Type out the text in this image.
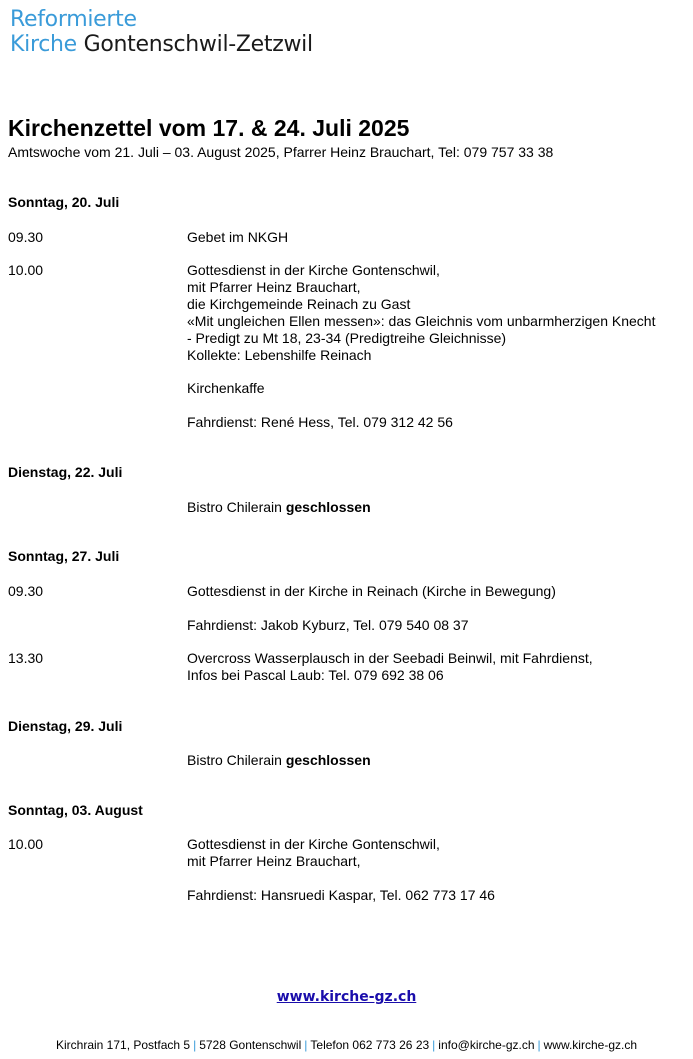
Reformierte
Kirche Gontenschwil-Zetzwil
Kirchenzettel vom 17. & 24. Juli 2025
Amtswoche vom 21. Juli – 03. August 2025, Pfarrer Heinz Brauchart, Tel: 079 757 33 38
Sonntag, 20. Juli
09.30	Gebet im NKGH
10.00	Gottesdienst in der Kirche Gontenschwil,
mit Pfarrer Heinz Brauchart,
die Kirchgemeinde Reinach zu Gast
«Mit ungleichen Ellen messen»: das Gleichnis vom unbarmherzigen Knecht
- Predigt zu Mt 18, 23-34 (Predigtreihe Gleichnisse)
Kollekte: Lebenshilfe Reinach
Kirchenkaffe
Fahrdienst: René Hess, Tel. 079 312 42 56
Dienstag, 22. Juli
Bistro Chilerain geschlossen
Sonntag, 27. Juli
09.30	Gottesdienst in der Kirche in Reinach (Kirche in Bewegung)
Fahrdienst: Jakob Kyburz, Tel. 079 540 08 37
13.30	Overcross Wasserplausch in der Seebadi Beinwil, mit Fahrdienst,
Infos bei Pascal Laub: Tel. 079 692 38 06
Dienstag, 29. Juli
Bistro Chilerain geschlossen
Sonntag, 03. August
10.00	Gottesdienst in der Kirche Gontenschwil,
mit Pfarrer Heinz Brauchart,
Fahrdienst: Hansruedi Kaspar, Tel. 062 773 17 46
www.kirche-gz.ch
Kirchrain 171, Postfach 5 | 5728 Gontenschwil | Telefon 062 773 26 23 | info@kirche-gz.ch | www.kirche-gz.ch
